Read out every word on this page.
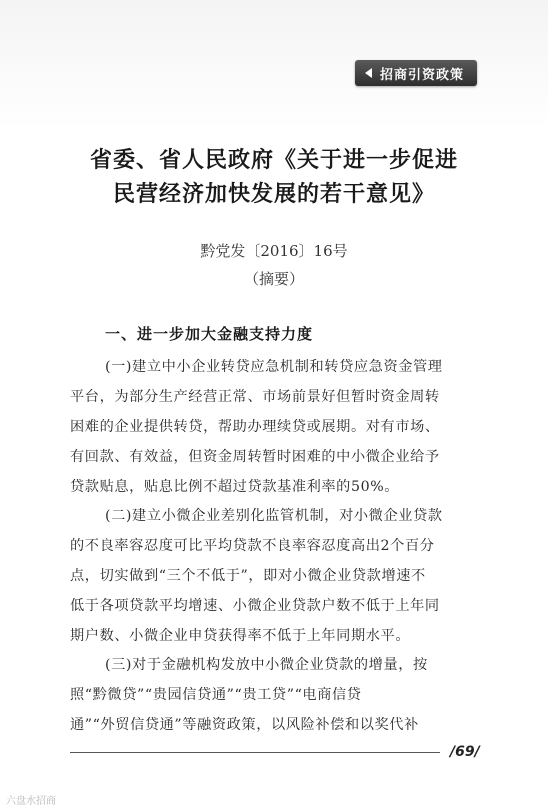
招商引资政策
省委、省人民政府《关于进一步促进
民营经济加快发展的若干意见》
黔党发〔2016〕16号
（摘要）
一、进一步加大金融支持力度
(一)建立中小企业转贷应急机制和转贷应急资金管理
平台，为部分生产经营正常、市场前景好但暂时资金周转
困难的企业提供转贷，帮助办理续贷或展期。对有市场、
有回款、有效益，但资金周转暂时困难的中小微企业给予
贷款贴息，贴息比例不超过贷款基准利率的50%。
(二)建立小微企业差别化监管机制，对小微企业贷款
的不良率容忍度可比平均贷款不良率容忍度高出2个百分
点，切实做到“三个不低于”，即对小微企业贷款增速不
低于各项贷款平均增速、小微企业贷款户数不低于上年同
期户数、小微企业申贷获得率不低于上年同期水平。
(三)对于金融机构发放中小微企业贷款的增量，按
照“黔微贷”“贵园信贷通”“贵工贷”“电商信贷
通”“外贸信贷通”等融资政策，以风险补偿和以奖代补
/69/
六盘水招商
